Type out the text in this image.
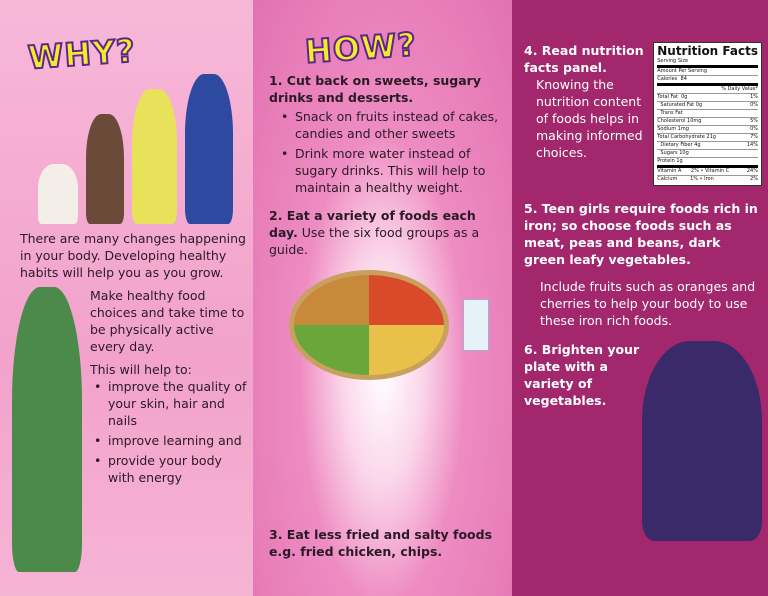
WHY?
There are many changes happening in your body. Developing healthy habits will help you as you grow.
Make healthy food choices and take time to be physically active every day.
This will help to:
• improve the quality of your skin, hair and nails
• improve learning and
• provide your body with energy
HOW?
1. Cut back on sweets, sugary drinks and desserts.
• Snack on fruits instead of cakes, candies and other sweets
• Drink more water instead of sugary drinks. This will help to maintain a healthy weight.
2. Eat a variety of foods each day. Use the six food groups as a guide.
3. Eat less fried and salty foods e.g. fried chicken, chips.
4. Read nutrition facts panel.
Knowing the nutrition content of foods helps in making informed choices.
Nutrition Facts
Serving Size
Amount Per Serving
Calories  84
% Daily Value*
Total Fat  0g	1%
Saturated Fat 0g	0%
Trans Fat
Cholesterol 10mg	5%
Sodium 1mg	0%
Total Carbohydrate 21g	7%
Dietary Fiber 4g	14%
Sugars 10g
Protein 1g
Vitamin A      2% • Vitamin C	24%
Calcium        1% • Iron	2%
5. Teen girls require foods rich in iron; so choose foods such as meat, peas and beans, dark green leafy vegetables.
Include fruits such as oranges and cherries to help your body to use these iron rich foods.
6. Brighten your plate with a variety of vegetables.
